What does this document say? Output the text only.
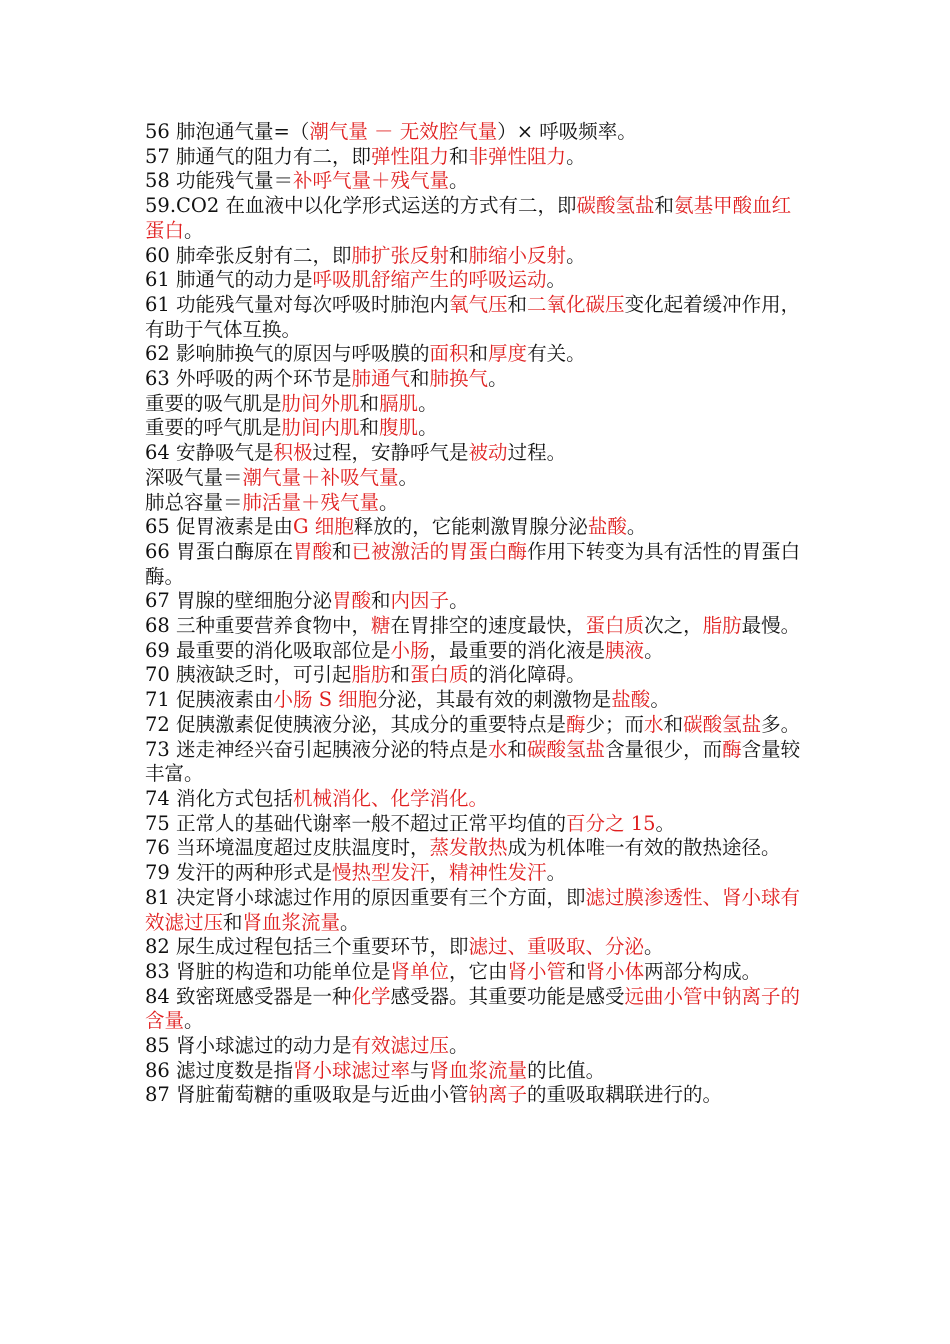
56 肺泡通气量=（潮气量 － 无效腔气量）× 呼吸频率。
57 肺通气的阻力有二，即弹性阻力和非弹性阻力。
58 功能残气量＝补呼气量＋残气量。
59.CO2 在血液中以化学形式运送的方式有二，即碳酸氢盐和氨基甲酸血红蛋白。
60 肺牵张反射有二，即肺扩张反射和肺缩小反射。
61 肺通气的动力是呼吸肌舒缩产生的呼吸运动。
61 功能残气量对每次呼吸时肺泡内氧气压和二氧化碳压变化起着缓冲作用，有助于气体互换。
62 影响肺换气的原因与呼吸膜的面积和厚度有关。
63 外呼吸的两个环节是肺通气和肺换气。
重要的吸气肌是肋间外肌和膈肌。
重要的呼气肌是肋间内肌和腹肌。
64 安静吸气是积极过程，安静呼气是被动过程。
深吸气量＝潮气量＋补吸气量。
肺总容量＝肺活量＋残气量。
65 促胃液素是由G 细胞释放的，它能刺激胃腺分泌盐酸。
66 胃蛋白酶原在胃酸和已被激活的胃蛋白酶作用下转变为具有活性的胃蛋白酶。
67 胃腺的壁细胞分泌胃酸和内因子。
68 三种重要营养食物中，糖在胃排空的速度最快，蛋白质次之，脂肪最慢。
69 最重要的消化吸取部位是小肠，最重要的消化液是胰液。
70 胰液缺乏时，可引起脂肪和蛋白质的消化障碍。
71 促胰液素由小肠 S 细胞分泌，其最有效的刺激物是盐酸。
72 促胰激素促使胰液分泌，其成分的重要特点是酶少；而水和碳酸氢盐多。
73 迷走神经兴奋引起胰液分泌的特点是水和碳酸氢盐含量很少，而酶含量较丰富。
74 消化方式包括机械消化、化学消化。
75 正常人的基础代谢率一般不超过正常平均值的百分之 15。
76 当环境温度超过皮肤温度时，蒸发散热成为机体唯一有效的散热途径。
79 发汗的两种形式是慢热型发汗，精神性发汗。
81 决定肾小球滤过作用的原因重要有三个方面，即滤过膜渗透性、肾小球有效滤过压和肾血浆流量。
82 尿生成过程包括三个重要环节，即滤过、重吸取、分泌。
83 肾脏的构造和功能单位是肾单位，它由肾小管和肾小体两部分构成。
84 致密斑感受器是一种化学感受器。其重要功能是感受远曲小管中钠离子的含量。
85 肾小球滤过的动力是有效滤过压。
86 滤过度数是指肾小球滤过率与肾血浆流量的比值。
87 肾脏葡萄糖的重吸取是与近曲小管钠离子的重吸取耦联进行的。
